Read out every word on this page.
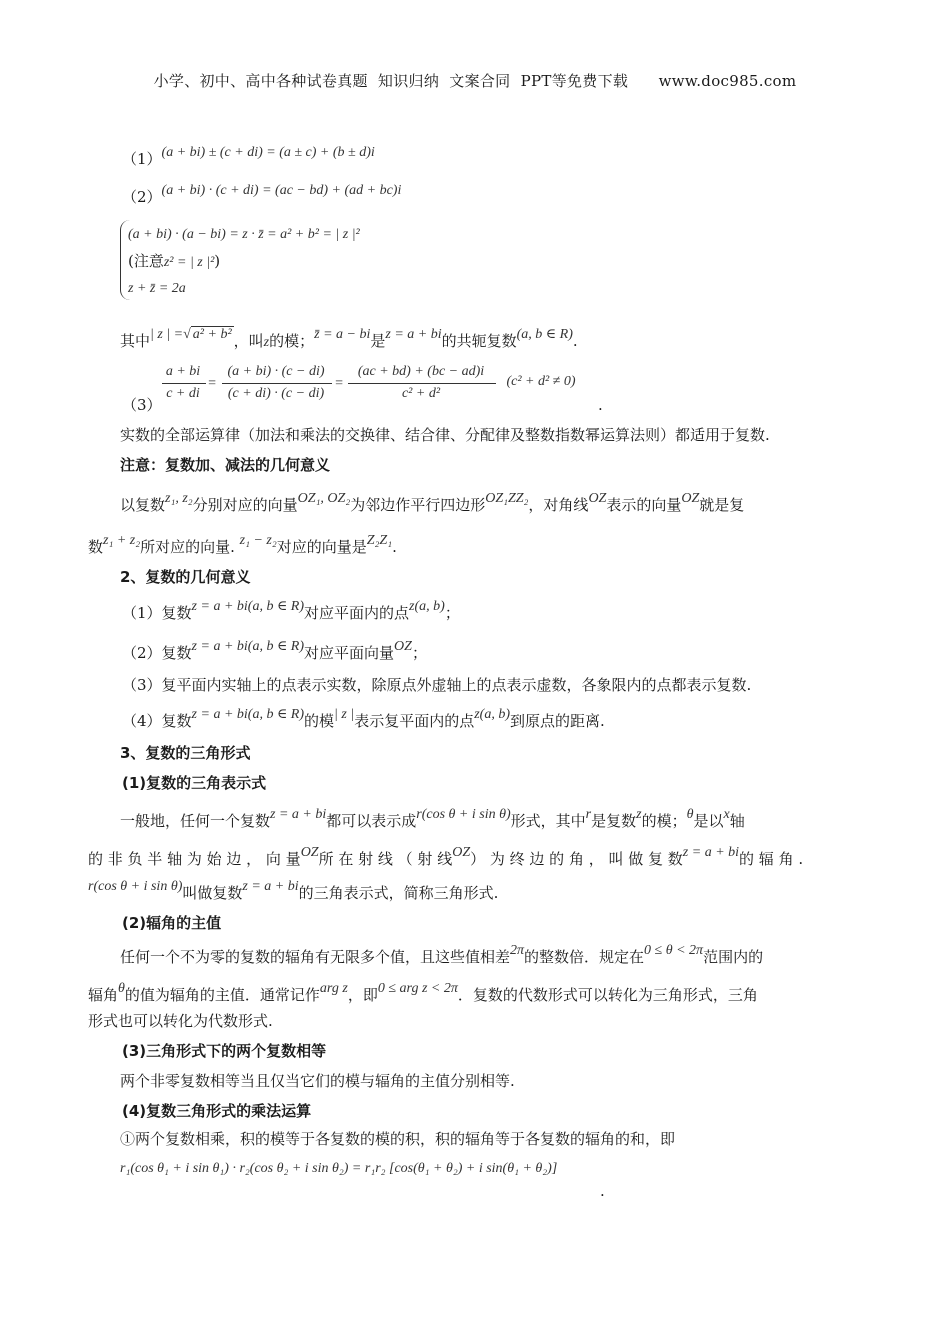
小学、初中、高中各种试卷真题  知识归纳  文案合同  PPT等免费下载      www.doc985.com
（1）(a + bi) ± (c + di) = (a ± c) + (b ± d)i
（2）(a + bi) · (c + di) = (ac − bd) + (ad + bc)i
(a + bi) · (a − bi) = z · z̄ = a² + b² = | z |²
(注意z² = | z |²)
z + z̄ = 2a
其中| z | =√ a² + b² ，叫z的模；z̄ = a − bi是z = a + bi的共轭复数(a, b ∈ R).
（3）
a + bi
c + di
=
(a + bi) · (c − di)
(c + di) · (c − di)
=
(ac + bd) + (bc − ad)i
c² + d²
(c² + d² ≠ 0)
.
实数的全部运算律（加法和乘法的交换律、结合律、分配律及整数指数幂运算法则）都适用于复数.
注意：复数加、减法的几何意义
以复数z₁, z₂分别对应的向量OZ₁, OZ₂为邻边作平行四边形OZ₁ZZ₂，对角线OZ表示的向量OZ就是复
数z₁ + z₂所对应的向量. z₁ − z₂对应的向量是Z₂Z₁.
2、复数的几何意义
（1）复数z = a + bi(a, b ∈ R)对应平面内的点z(a, b)；
（2）复数z = a + bi(a, b ∈ R)对应平面向量OZ；
（3）复平面内实轴上的点表示实数，除原点外虚轴上的点表示虚数，各象限内的点都表示复数.
（4）复数z = a + bi(a, b ∈ R)的模| z |表示复平面内的点z(a, b)到原点的距离.
3、复数的三角形式
(1)复数的三角表示式
一般地，任何一个复数z = a + bi都可以表示成r(cos θ + i sin θ)形式，其中r是复数z的模；θ是以x轴
的 非 负 半 轴 为 始 边 ， 向 量OZ所 在 射 线 （ 射 线OZ） 为 终 边 的 角 ， 叫 做 复 数z = a + bi的 辐 角 .
r(cos θ + i sin θ)叫做复数z = a + bi的三角表示式，简称三角形式.
(2)辐角的主值
任何一个不为零的复数的辐角有无限多个值，且这些值相差2π的整数倍．规定在0 ≤ θ < 2π范围内的
辐角θ的值为辐角的主值．通常记作arg z，即0 ≤ arg z < 2π．复数的代数形式可以转化为三角形式，三角
形式也可以转化为代数形式.
(3)三角形式下的两个复数相等
两个非零复数相等当且仅当它们的模与辐角的主值分别相等.
(4)复数三角形式的乘法运算
①两个复数相乘，积的模等于各复数的模的积，积的辐角等于各复数的辐角的和，即
r₁(cos θ₁ + i sin θ₁) · r₂(cos θ₂ + i sin θ₂) = r₁r₂ [cos(θ₁ + θ₂) + i sin(θ₁ + θ₂)]
.
